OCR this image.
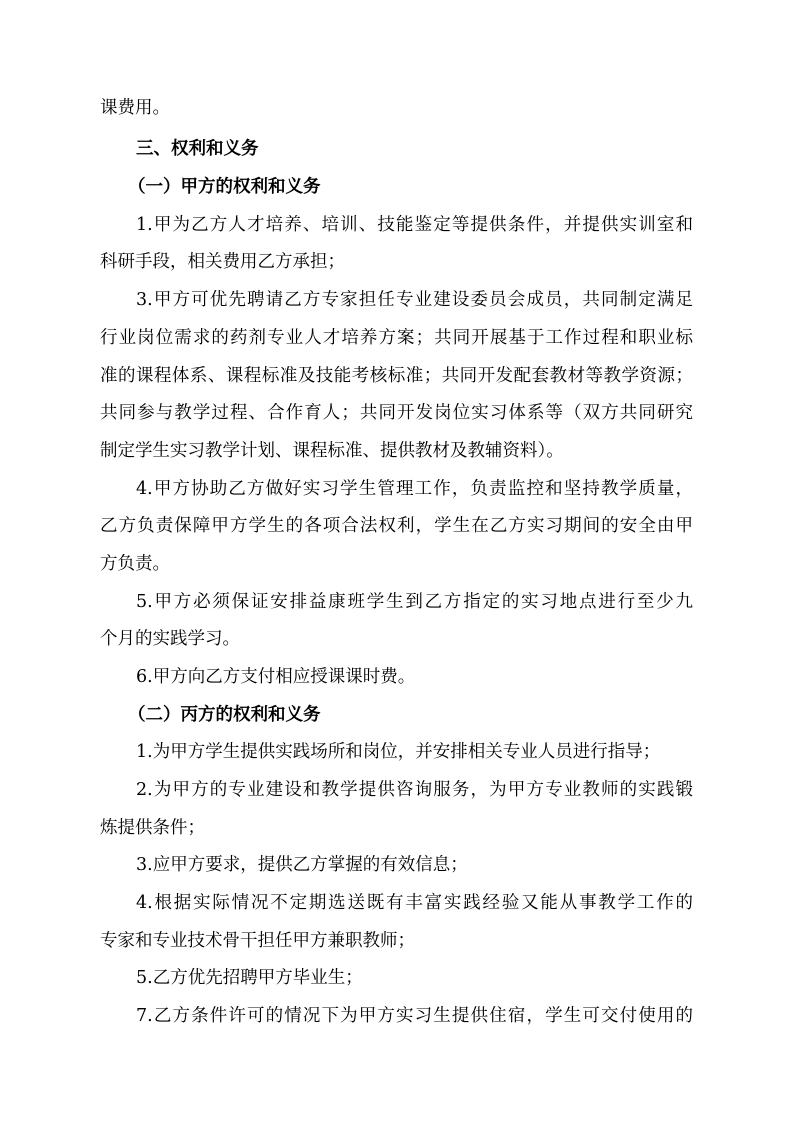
课费用。
三、权利和义务
（一）甲方的权利和义务
1.甲为乙方人才培养、培训、技能鉴定等提供条件，并提供实训室和
科研手段，相关费用乙方承担；
3.甲方可优先聘请乙方专家担任专业建设委员会成员，共同制定满足
行业岗位需求的药剂专业人才培养方案；共同开展基于工作过程和职业标
准的课程体系、课程标准及技能考核标准；共同开发配套教材等教学资源；
共同参与教学过程、合作育人；共同开发岗位实习体系等（双方共同研究
制定学生实习教学计划、课程标准、提供教材及教辅资料）。
4.甲方协助乙方做好实习学生管理工作，负责监控和坚持教学质量，
乙方负责保障甲方学生的各项合法权利，学生在乙方实习期间的安全由甲
方负责。
5.甲方必须保证安排益康班学生到乙方指定的实习地点进行至少九
个月的实践学习。
6.甲方向乙方支付相应授课课时费。
（二）丙方的权利和义务
1.为甲方学生提供实践场所和岗位，并安排相关专业人员进行指导；
2.为甲方的专业建设和教学提供咨询服务，为甲方专业教师的实践锻
炼提供条件；
3.应甲方要求，提供乙方掌握的有效信息；
4.根据实际情况不定期选送既有丰富实践经验又能从事教学工作的
专家和专业技术骨干担任甲方兼职教师；
5.乙方优先招聘甲方毕业生；
7.乙方条件许可的情况下为甲方实习生提供住宿，学生可交付使用的
